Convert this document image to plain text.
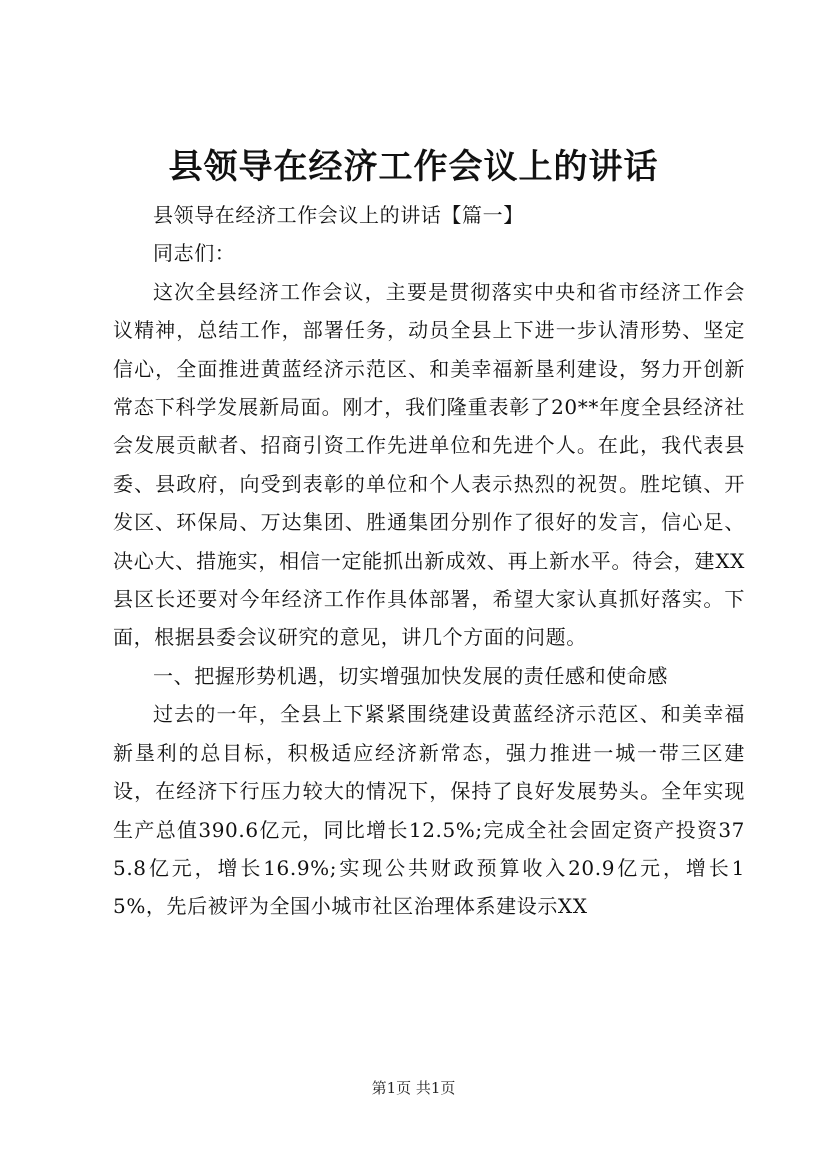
县领导在经济工作会议上的讲话

县领导在经济工作会议上的讲话【篇一】

同志们：

这次全县经济工作会议，主要是贯彻落实中央和省市经济工作会议精神，总结工作，部署任务，动员全县上下进一步认清形势、坚定信心，全面推进黄蓝经济示范区、和美幸福新垦利建设，努力开创新常态下科学发展新局面。刚才，我们隆重表彰了20**年度全县经济社会发展贡献者、招商引资工作先进单位和先进个人。在此，我代表县委、县政府，向受到表彰的单位和个人表示热烈的祝贺。胜坨镇、开发区、环保局、万达集团、胜通集团分别作了很好的发言，信心足、决心大、措施实，相信一定能抓出新成效、再上新水平。待会，建XX县区长还要对今年经济工作作具体部署，希望大家认真抓好落实。下面，根据县委会议研究的意见，讲几个方面的问题。

一、把握形势机遇，切实增强加快发展的责任感和使命感

过去的一年，全县上下紧紧围绕建设黄蓝经济示范区、和美幸福新垦利的总目标，积极适应经济新常态，强力推进一城一带三区建设，在经济下行压力较大的情况下，保持了良好发展势头。全年实现生产总值390.6亿元，同比增长12.5%;完成全社会固定资产投资375.8亿元，增长16.9%;实现公共财政预算收入20.9亿元，增长15%，先后被评为全国小城市社区治理体系建设示XX

第1页 共1页
